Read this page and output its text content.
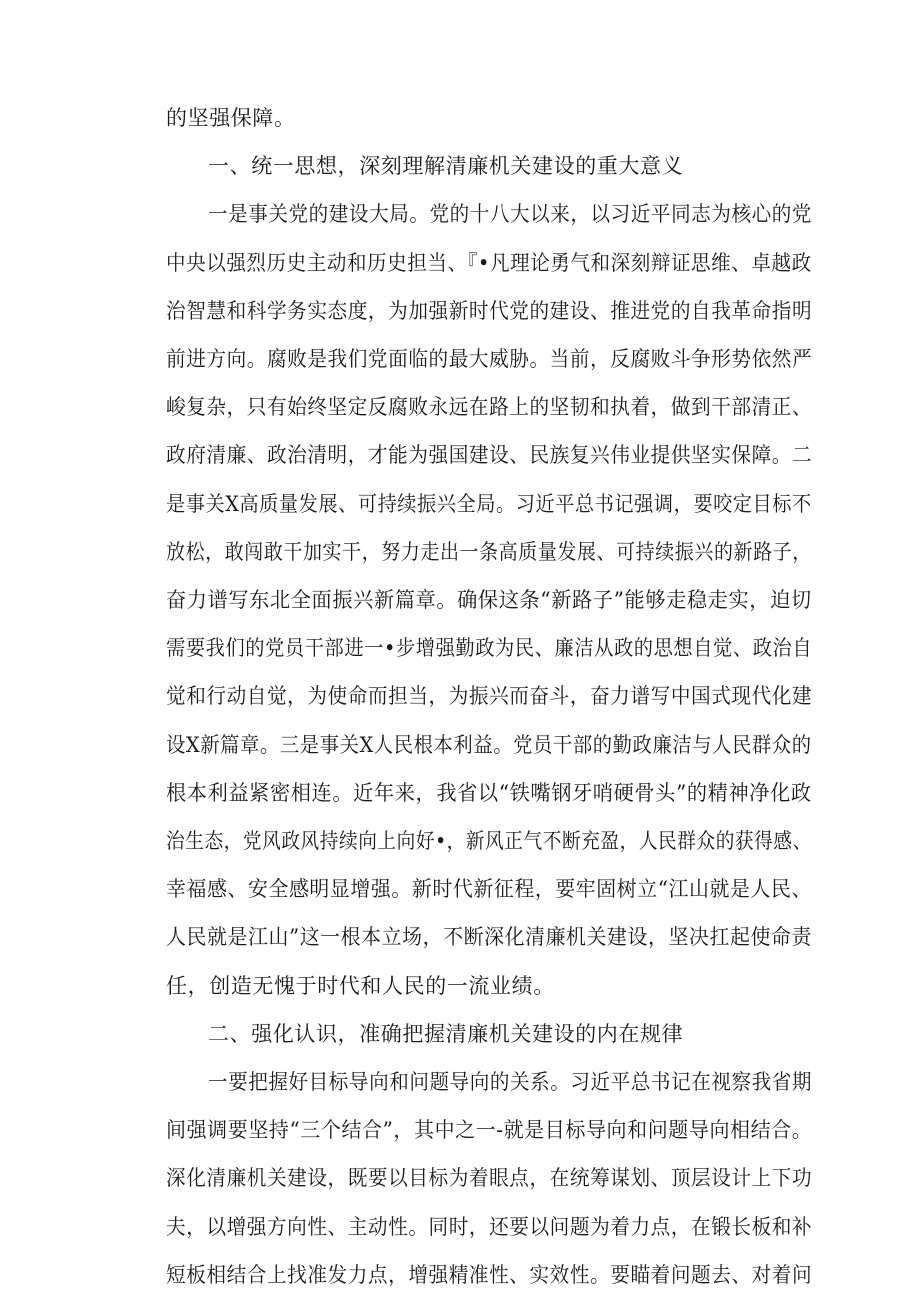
的坚强保障。
一、统一思想，深刻理解清廉机关建设的重大意义
一是事关党的建设大局。党的十八大以来，以习近平同志为核心的党
中央以强烈历史主动和历史担当、『•凡理论勇气和深刻辩证思维、卓越政
治智慧和科学务实态度，为加强新时代党的建设、推进党的自我革命指明
前进方向。腐败是我们党面临的最大威胁。当前，反腐败斗争形势依然严
峻复杂，只有始终坚定反腐败永远在路上的坚韧和执着，做到干部清正、
政府清廉、政治清明，才能为强国建设、民族复兴伟业提供坚实保障。二
是事关X高质量发展、可持续振兴全局。习近平总书记强调，要咬定目标不
放松，敢闯敢干加实干，努力走出一条高质量发展、可持续振兴的新路子，
奋力谱写东北全面振兴新篇章。确保这条“新路子”能够走稳走实，迫切
需要我们的党员干部进一•步增强勤政为民、廉洁从政的思想自觉、政治自
觉和行动自觉，为使命而担当，为振兴而奋斗，奋力谱写中国式现代化建
设X新篇章。三是事关X人民根本利益。党员干部的勤政廉洁与人民群众的
根本利益紧密相连。近年来，我省以“铁嘴钢牙哨硬骨头”的精神净化政
治生态，党风政风持续向上向好•，新风正气不断充盈，人民群众的获得感、
幸福感、安全感明显增强。新时代新征程，要牢固树立“江山就是人民、
人民就是江山”这一根本立场，不断深化清廉机关建设，坚决扛起使命责
任，创造无愧于时代和人民的一流业绩。
二、强化认识，准确把握清廉机关建设的内在规律
一要把握好目标导向和问题导向的关系。习近平总书记在视察我省期
间强调要坚持“三个结合”，其中之一-就是目标导向和问题导向相结合。
深化清廉机关建设，既要以目标为着眼点，在统筹谋划、顶层设计上下功
夫，以增强方向性、主动性。同时，还要以问题为着力点，在锻长板和补
短板相结合上找准发力点，增强精准性、实效性。要瞄着问题去、对着问
